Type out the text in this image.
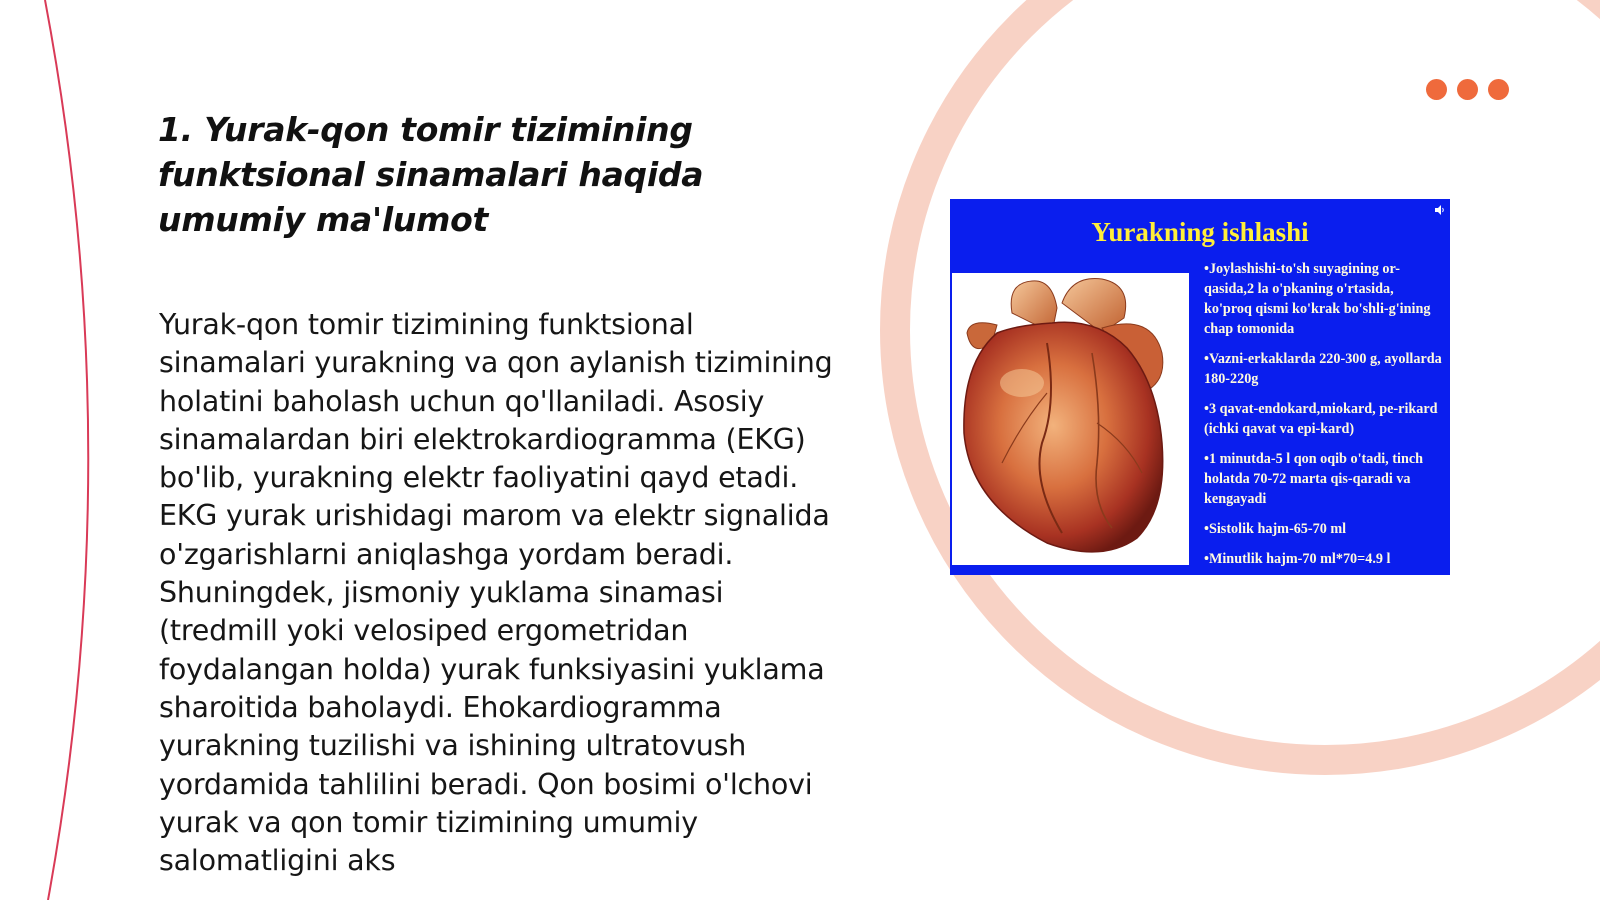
1. Yurak-qon tomir tizimining funktsional sinamalari haqida umumiy ma'lumot

Yurak-qon tomir tizimining funktsional sinamalari yurakning va qon aylanish tizimining holatini baholash uchun qo'llaniladi. Asosiy sinamalardan biri elektrokardiogramma (EKG) bo'lib, yurakning elektr faoliyatini qayd etadi. EKG yurak urishidagi marom va elektr signalida o'zgarishlarni aniqlashga yordam beradi. Shuningdek, jismoniy yuklama sinamasi (tredmill yoki velosiped ergometridan foydalangan holda) yurak funksiyasini yuklama sharoitida baholaydi. Ehokardiogramma yurakning tuzilishi va ishining ultratovush yordamida tahlilini beradi. Qon bosimi o'lchovi yurak va qon tomir tizimining umumiy salomatligini aks

Yurakning ishlashi
•Joylashishi-to'sh suyagining or-qasida,2 la o'pkaning o'rtasida, ko'proq qismi ko'krak bo'shli-g'ining chap tomonida
•Vazni-erkaklarda 220-300 g, ayollarda 180-220g
•3 qavat-endokard,miokard, pe-rikard (ichki qavat va epi-kard)
•1 minutda-5 l qon oqib o'tadi, tinch holatda 70-72 marta qis-qaradi va kengayadi
•Sistolik hajm-65-70 ml
•Minutlik hajm-70 ml*70=4.9 l
